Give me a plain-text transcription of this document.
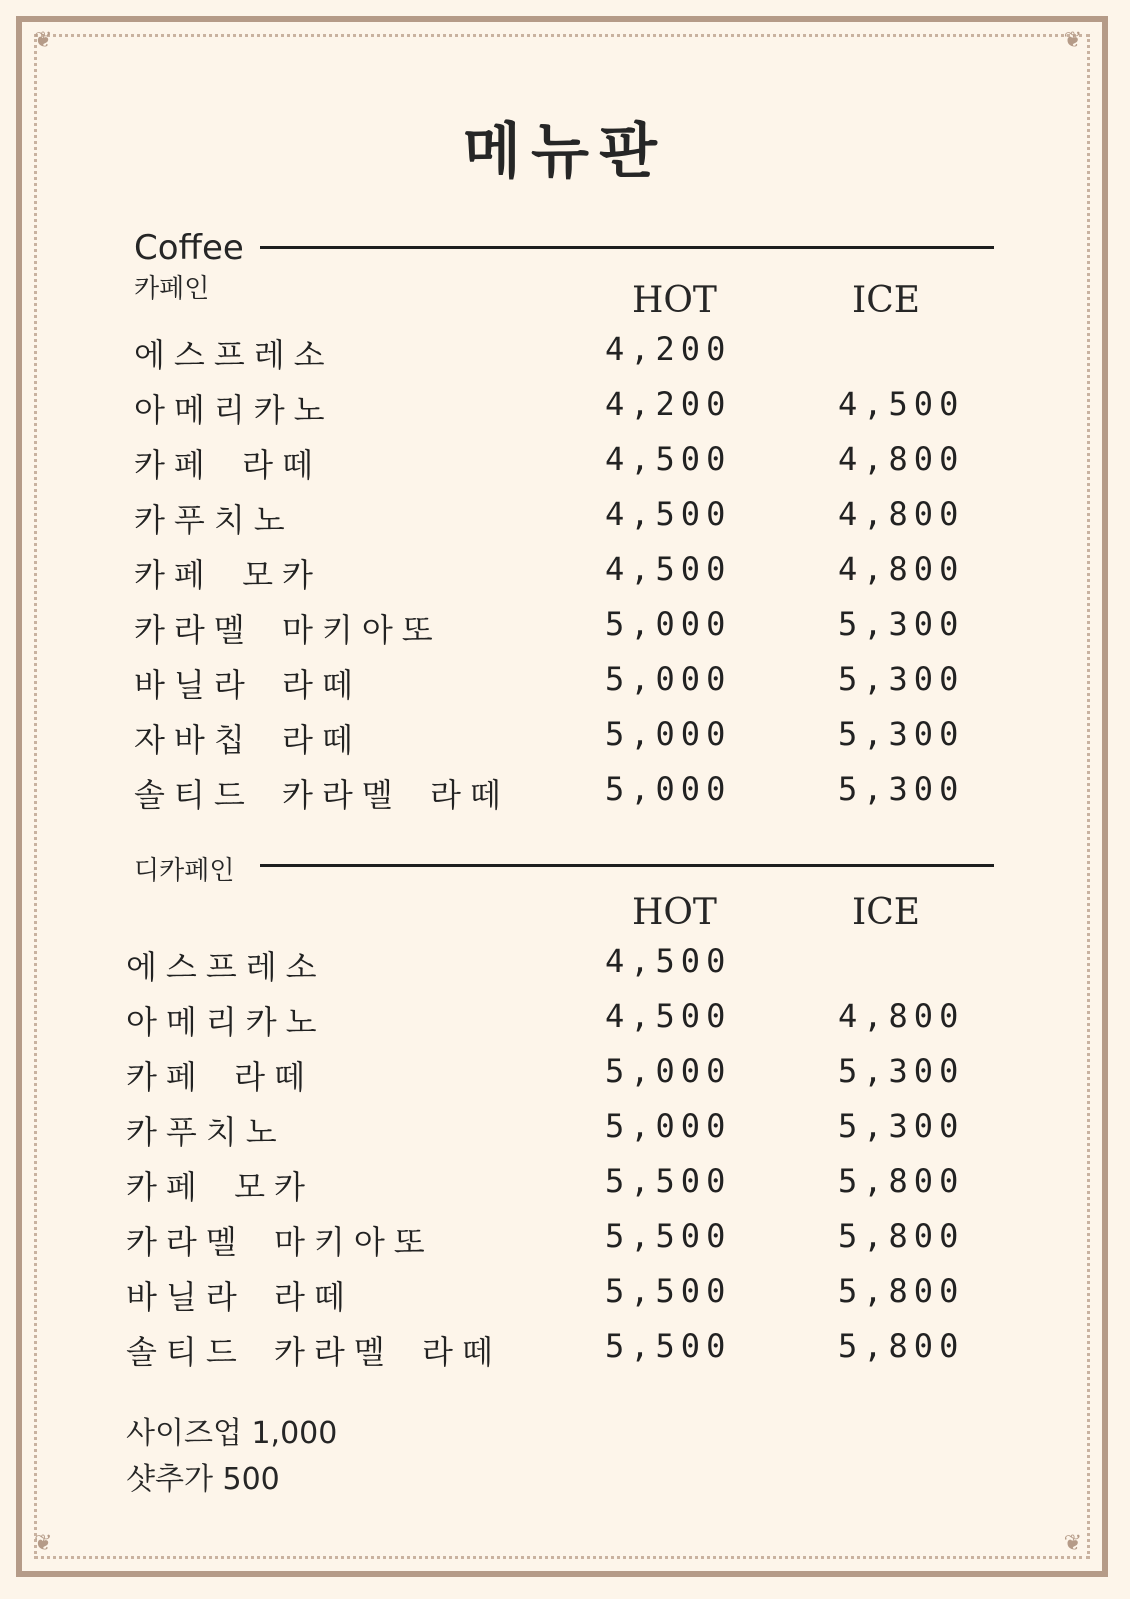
❦	❦
❦	❦
메뉴판
Coffee
카페인	HOT	ICE
에스프레소	4,200
아메리카노	4,200	4,500
카페 라떼	4,500	4,800
카푸치노	4,500	4,800
카페 모카	4,500	4,800
카라멜 마키아또	5,000	5,300
바닐라 라떼	5,000	5,300
자바칩 라떼	5,000	5,300
솔티드 카라멜 라떼	5,000	5,300
디카페인
HOT	ICE
에스프레소	4,500
아메리카노	4,500	4,800
카페 라떼	5,000	5,300
카푸치노	5,000	5,300
카페 모카	5,500	5,800
카라멜 마키아또	5,500	5,800
바닐라 라떼	5,500	5,800
솔티드 카라멜 라떼	5,500	5,800
사이즈업 1,000
샷추가 500
